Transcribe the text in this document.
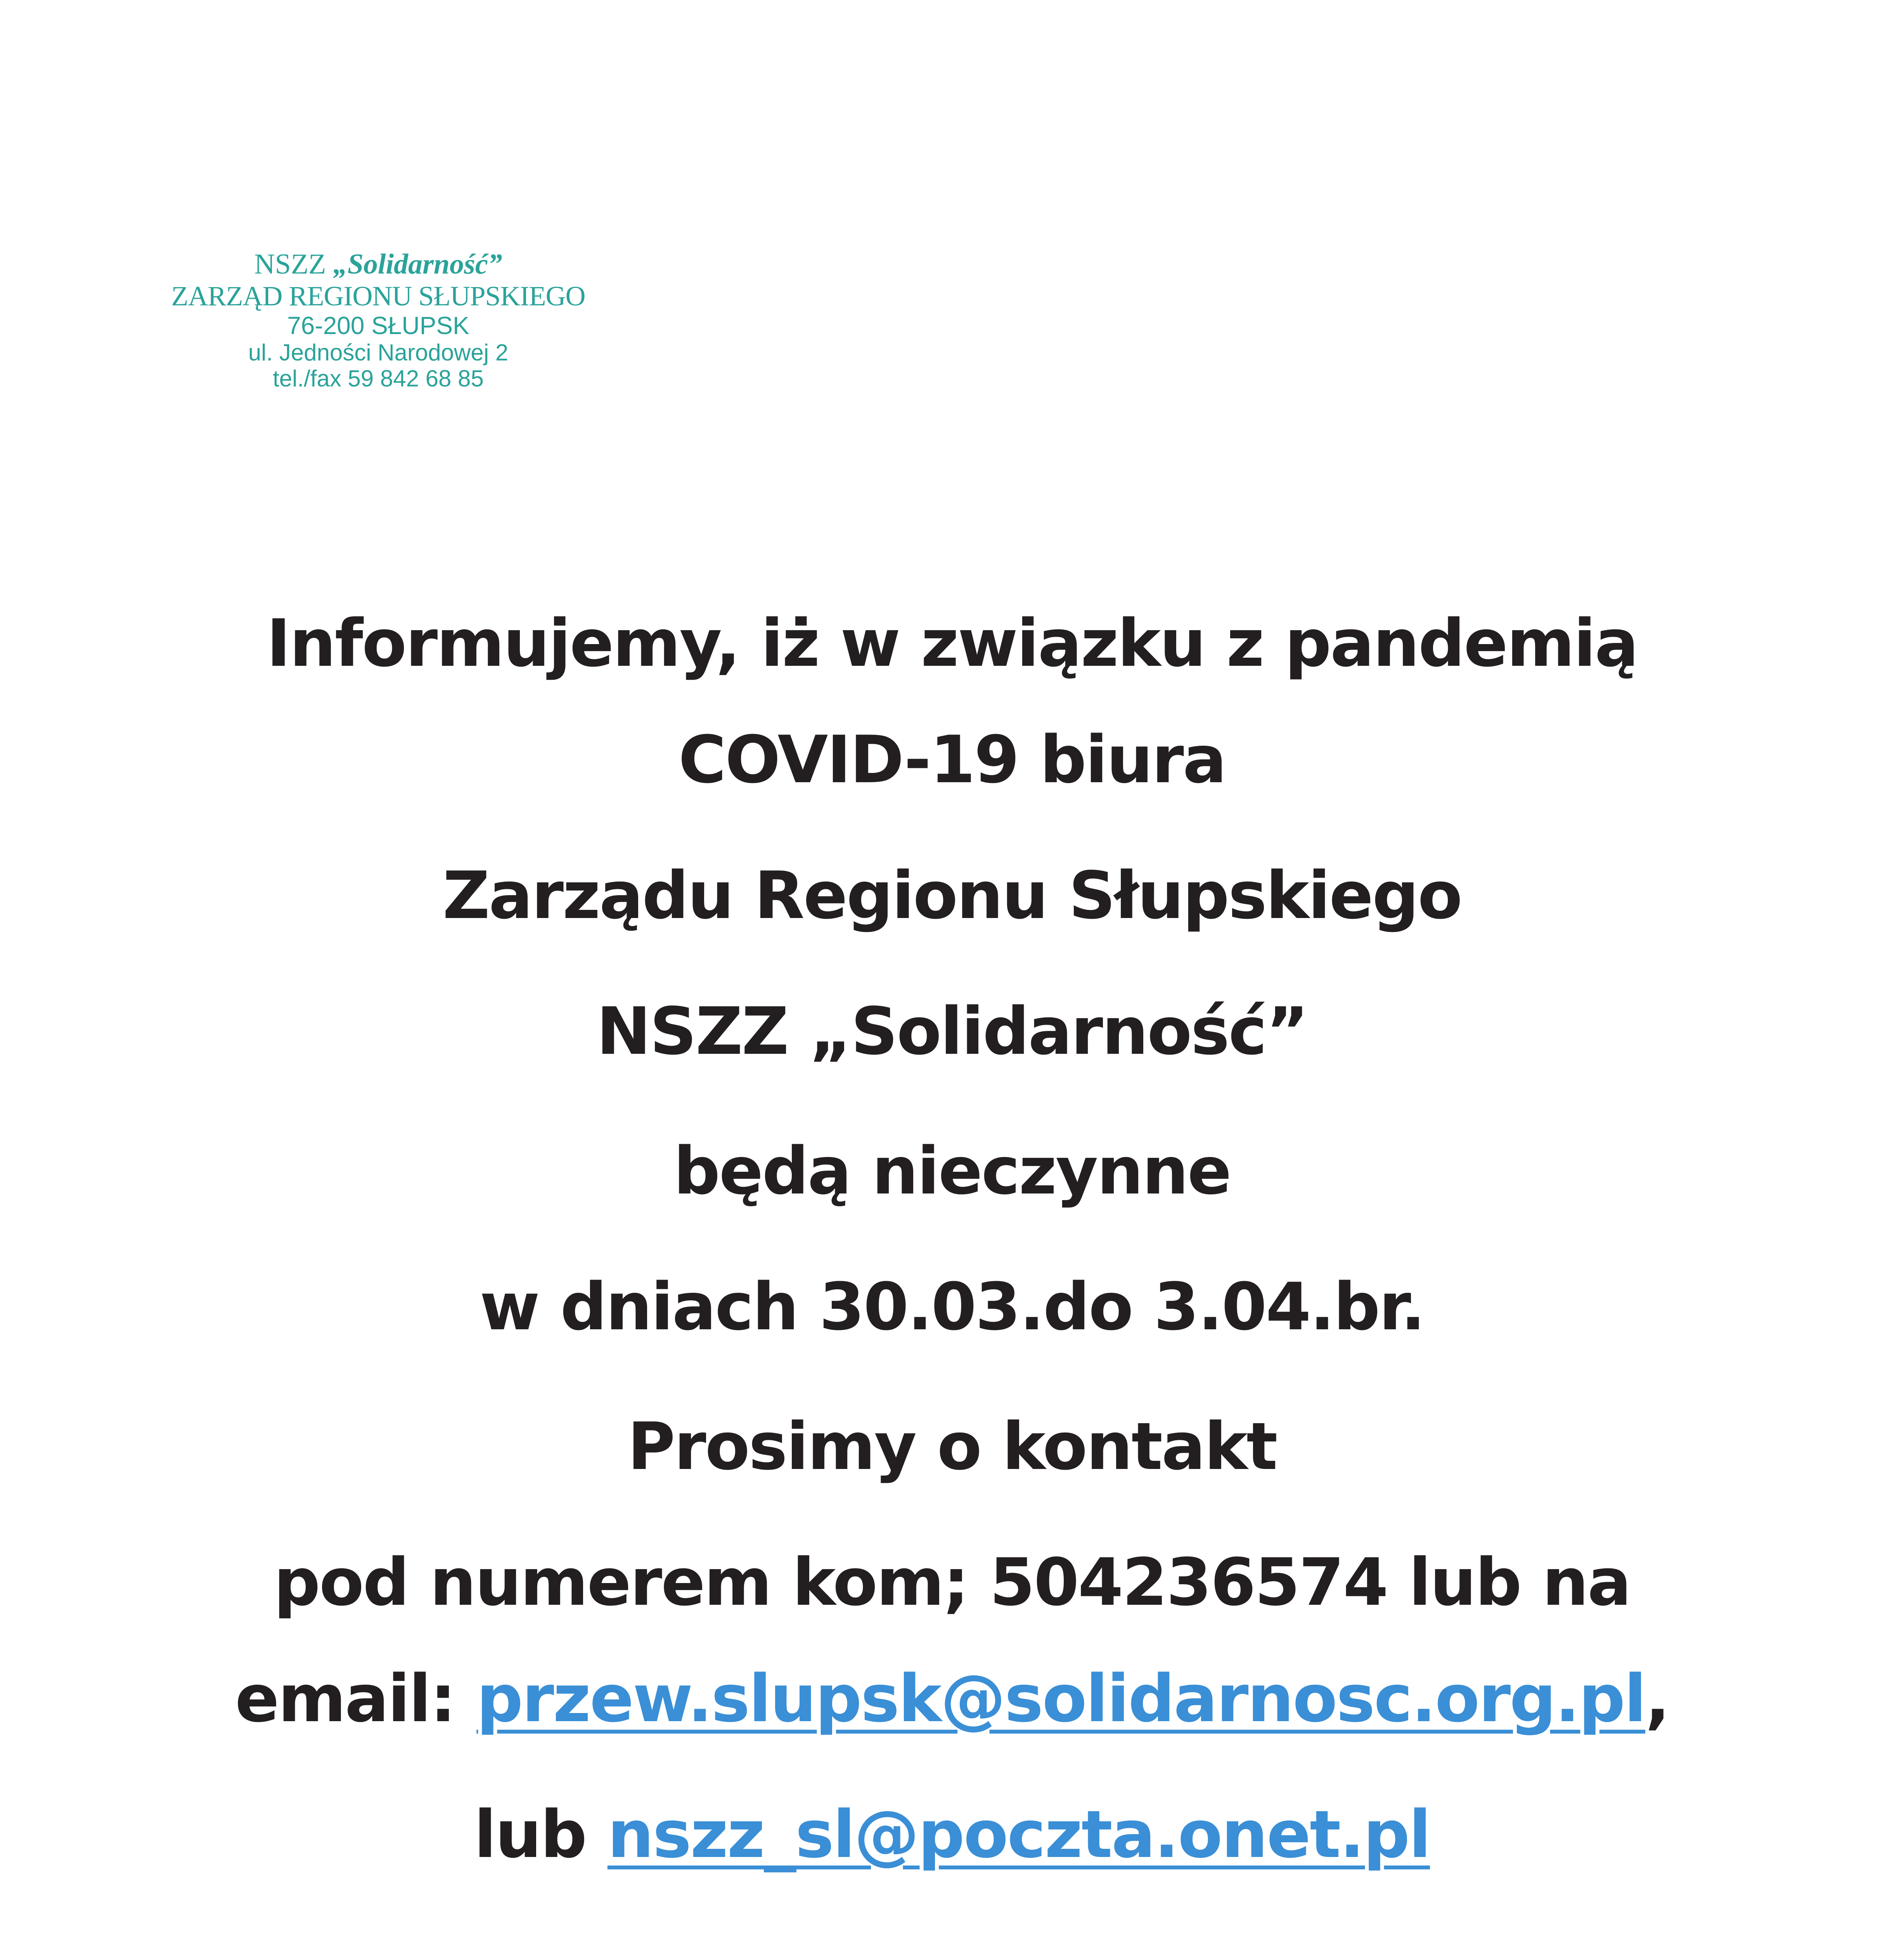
NSZZ „Solidarność”
ZARZĄD REGIONU SŁUPSKIEGO
76-200 SŁUPSK
ul. Jedności Narodowej 2
tel./fax 59 842 68 85
Informujemy, iż w związku z pandemią
COVID-19 biura
Zarządu Regionu Słupskiego
NSZZ „Solidarność”
będą nieczynne
w dniach 30.03.do 3.04.br.
Prosimy o kontakt
pod numerem kom; 504236574 lub na
email: przew.slupsk@solidarnosc.org.pl,
lub nszz_sl@poczta.onet.pl
